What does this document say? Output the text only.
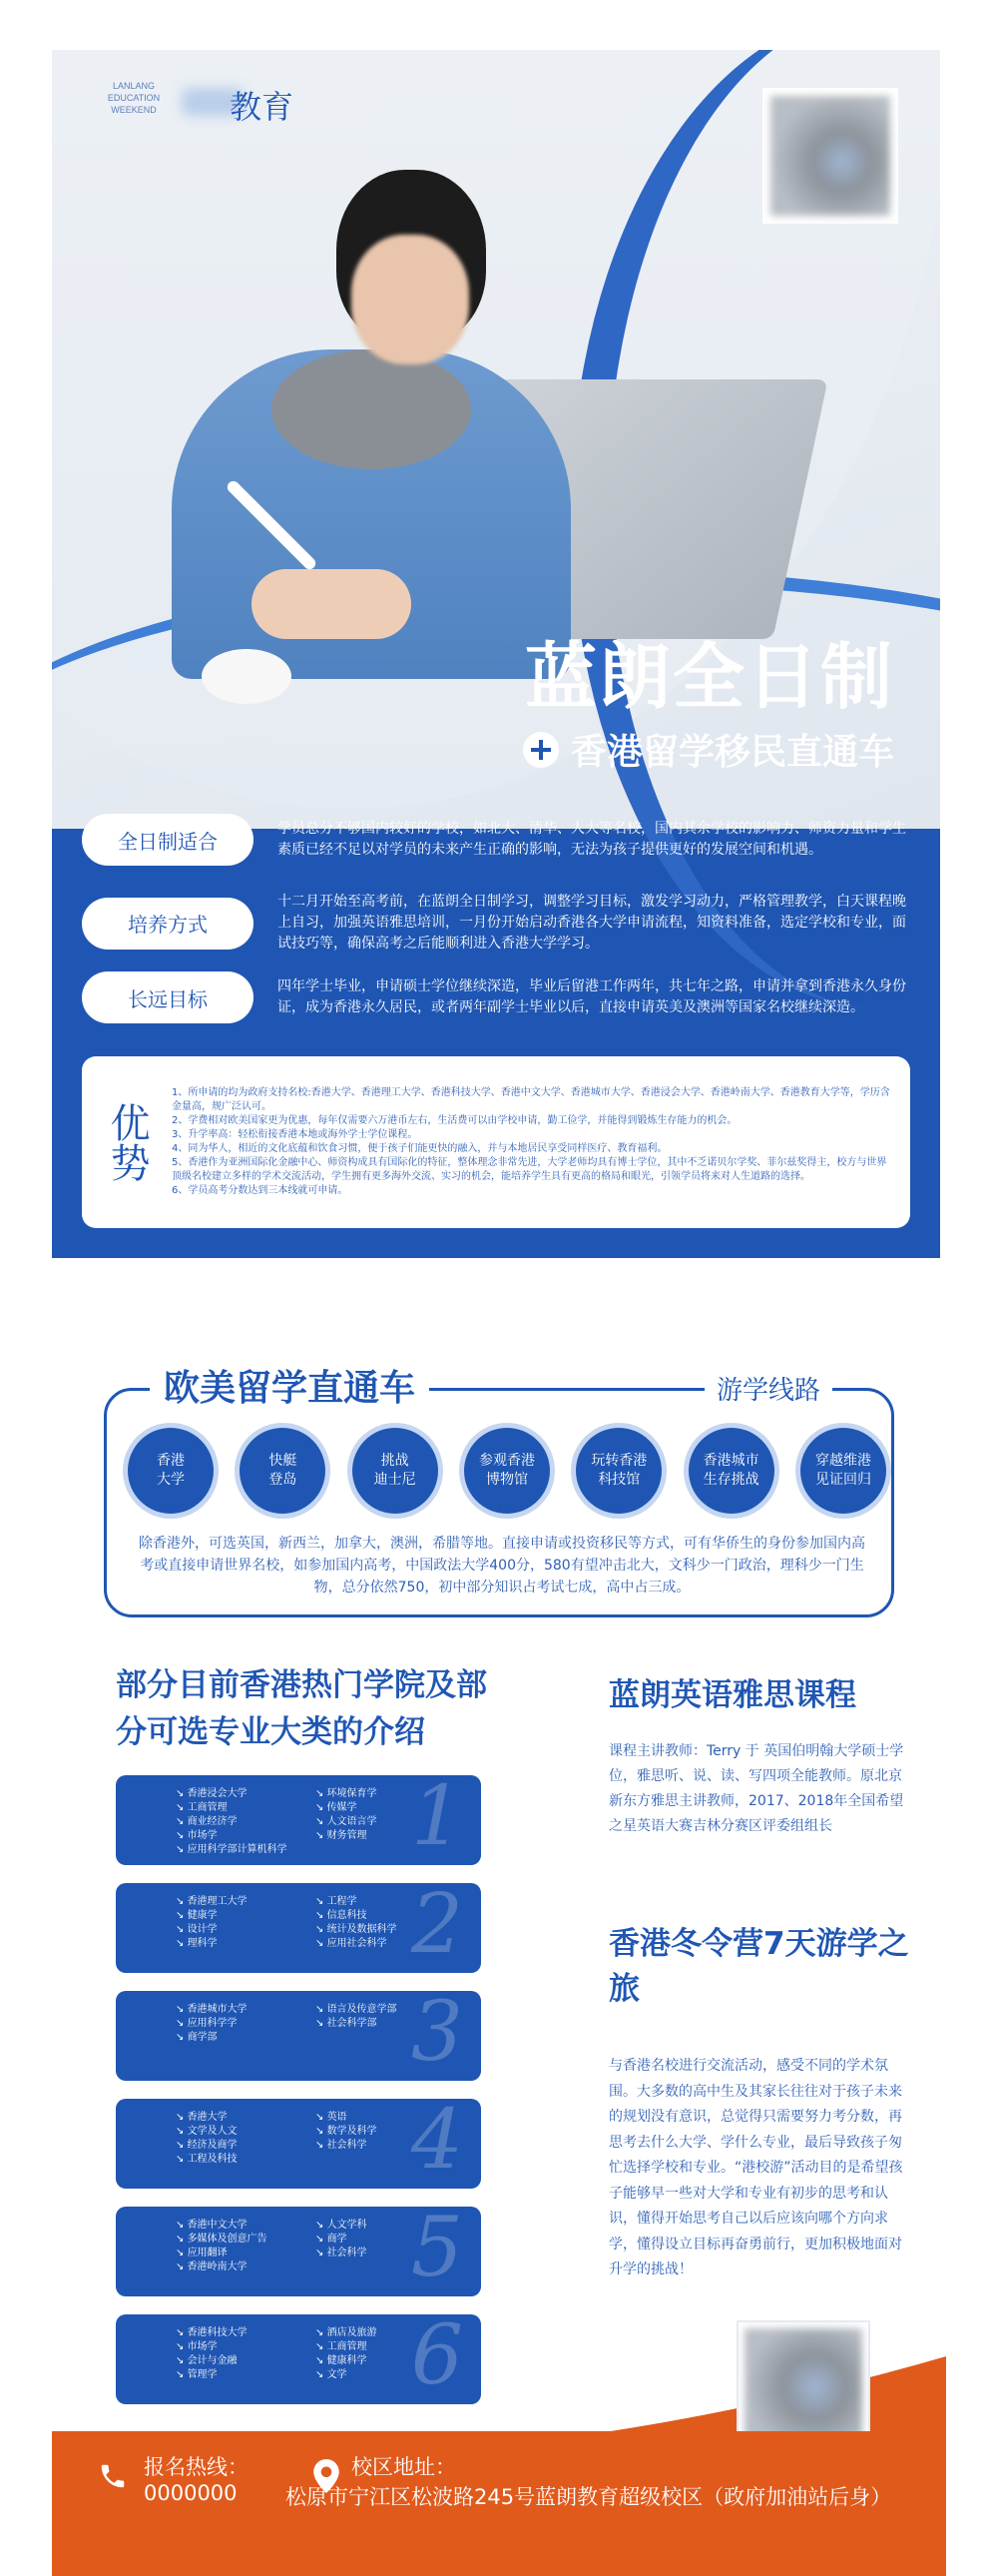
LANLANG
EDUCATION
WEEKEND	教育
蓝朗全日制
香港留学移民直通车
全日制适合
学员总分不够国内较好的学校，如北大、清华、人大等名校，国内其余学校的影响力、师资力量和学生素质已经不足以对学员的未来产生正确的影响，无法为孩子提供更好的发展空间和机遇。
培养方式
十二月开始至高考前，在蓝朗全日制学习，调整学习目标，激发学习动力，严格管理教学，白天课程晚上自习，加强英语雅思培训，一月份开始启动香港各大学申请流程，知资料准备，选定学校和专业，面试技巧等，确保高考之后能顺利进入香港大学学习。
长远目标
四年学士毕业，申请硕士学位继续深造，毕业后留港工作两年，共七年之路，申请并拿到香港永久身份证，成为香港永久居民，或者两年副学士毕业以后，直接申请英美及澳洲等国家名校继续深造。
优势
1、所申请的均为政府支持名校:香港大学、香港理工大学、香港科技大学、香港中文大学、香港城市大学、香港浸会大学、香港岭南大学、香港教育大学等，学历含金量高，规广泛认可。
2、学费相对欧美国家更为优惠，每年仅需要六万港币左右，生活费可以由学校申请，勤工俭学，并能得到锻炼生存能力的机会。
3、升学率高：轻松衔接香港本地或海外学士学位课程。
4、同为华人，相近的文化底蕴和饮食习惯，便于孩子们能更快的融入，并与本地居民享受同样医疗、教育福利。
5、香港作为亚洲国际化金融中心、师资构成具有国际化的特征，整体理念非常先进，大学老师均具有博士学位，其中不乏诺贝尔学奖、菲尔兹奖得主，校方与世界顶级名校建立多样的学术交流活动，学生拥有更多海外交流、实习的机会，能培养学生具有更高的格局和眼光，引领学员将来对人生道路的选择。
6、学员高考分数达到三本线就可申请。
欧美留学直通车	游学线路
香港
大学
快艇
登岛
挑战
迪士尼
参观香港
博物馆
玩转香港
科技馆
香港城市
生存挑战
穿越维港
见证回归
除香港外，可选英国，新西兰，加拿大，澳洲，希腊等地。直接申请或投资移民等方式，可有华侨生的身份参加国内高考或直接申请世界名校，如参加国内高考，中国政法大学400分，580有望冲击北大，文科少一门政治，理科少一门生物，总分依然750，初中部分知识占考试七成，高中占三成。
部分目前香港热门学院及部分可选专业大类的介绍
↘ 香港浸会大学
↘ 工商管理
↘ 商业经济学
↘ 市场学
↘ 应用科学部计算机科学
↘ 环境保育学
↘ 传媒学
↘ 人文语言学
↘ 财务管理 1
↘ 香港理工大学
↘ 健康学
↘ 设计学
↘ 理科学
↘ 工程学
↘ 信息科技
↘ 统计及数据科学
↘ 应用社会科学 2
↘ 香港城市大学
↘ 应用科学学
↘ 商学部
↘ 语言及传意学部
↘ 社会科学部 3
↘ 香港大学
↘ 文学及人文
↘ 经济及商学
↘ 工程及科技
↘ 英语
↘ 数学及科学
↘ 社会科学 4
↘ 香港中文大学
↘ 多媒体及创意广告
↘ 应用翻译
↘ 香港岭南大学
↘ 人文学科
↘ 商学
↘ 社会科学 5
↘ 香港科技大学
↘ 市场学
↘ 会计与金融
↘ 管理学
↘ 酒店及旅游
↘ 工商管理
↘ 健康科学
↘ 文学 6
蓝朗英语雅思课程
课程主讲教师：Terry 于 英国伯明翰大学硕士学位，雅思听、说、读、写四项全能教师。原北京新东方雅思主讲教师，2017、2018年全国希望之星英语大赛吉林分赛区评委组组长
香港冬令营7天游学之旅
与香港名校进行交流活动，感受不同的学术氛围。大多数的高中生及其家长往往对于孩子未来的规划没有意识，总觉得只需要努力考分数，再思考去什么大学、学什么专业，最后导致孩子匆忙选择学校和专业。“港校游”活动目的是希望孩子能够早一些对大学和专业有初步的思考和认识，懂得开始思考自己以后应该向哪个方向求学，懂得设立目标再奋勇前行，更加积极地面对升学的挑战！
报名热线：
0000000
校区地址：
松原市宁江区松波路245号蓝朗教育超级校区（政府加油站后身）
